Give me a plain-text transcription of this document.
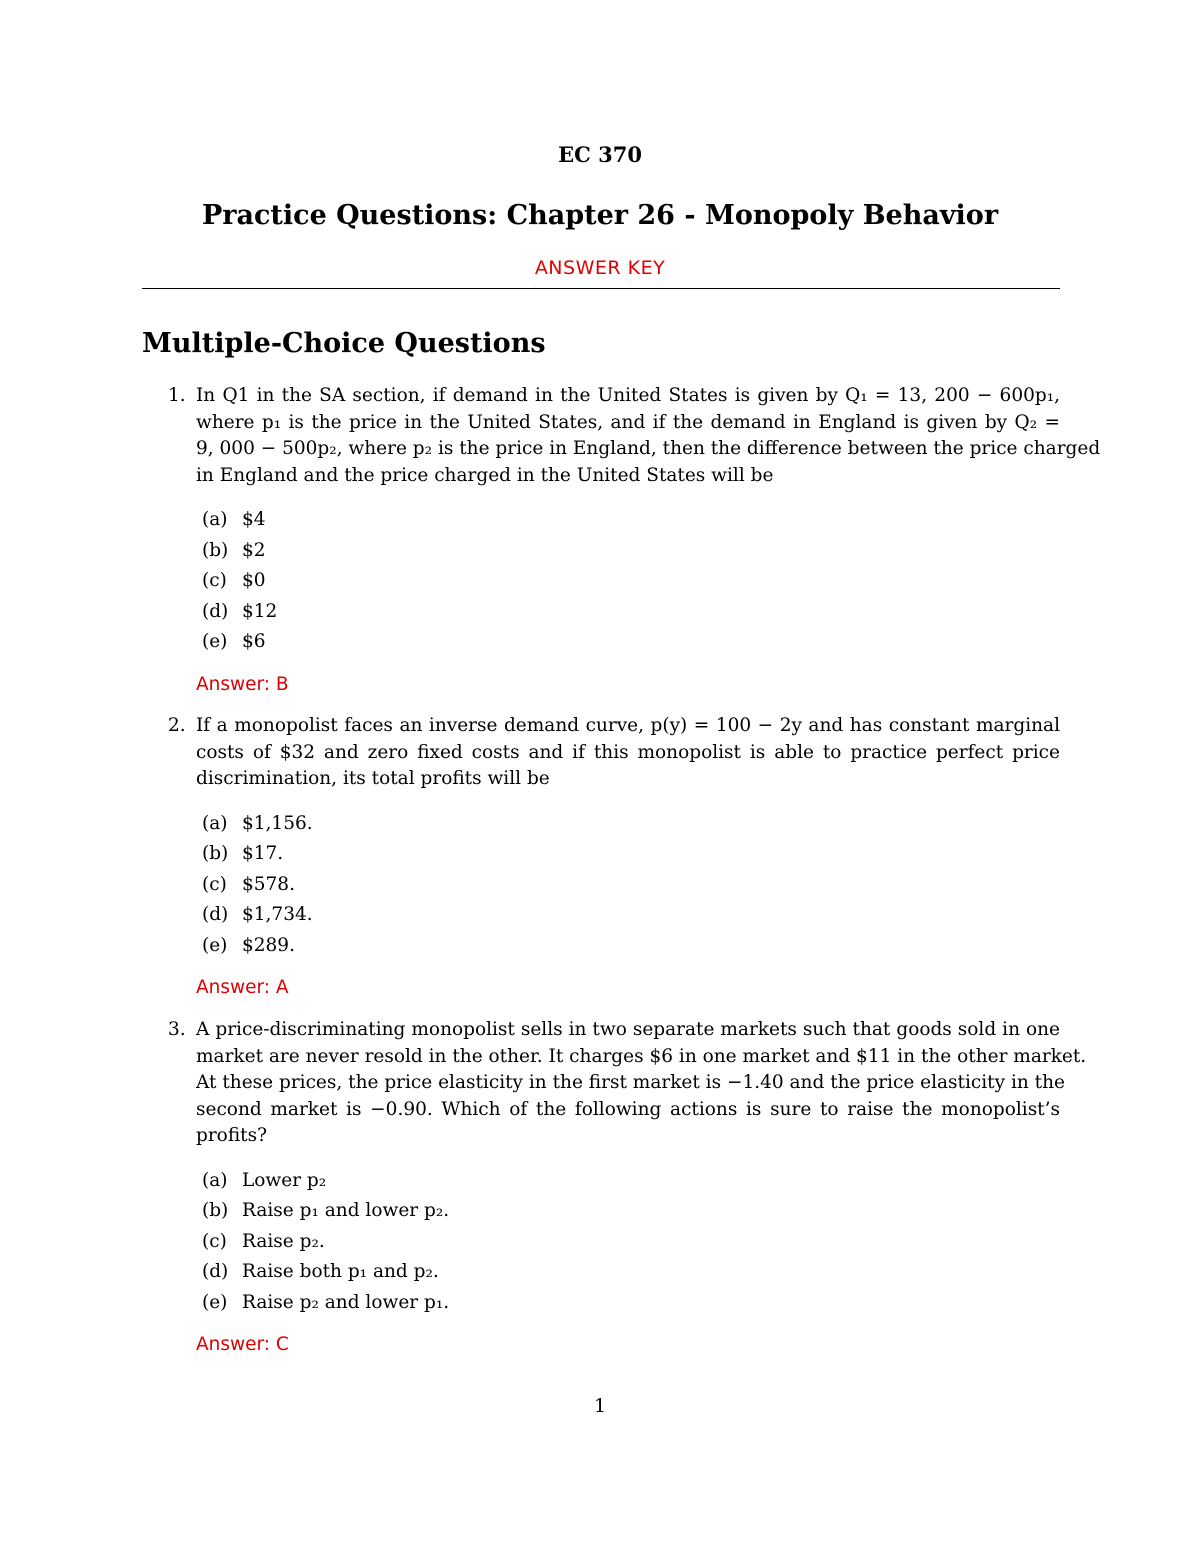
EC 370
Practice Questions: Chapter 26 - Monopoly Behavior
ANSWER KEY
Multiple-Choice Questions
1. In Q1 in the SA section, if demand in the United States is given by Q₁ = 13, 200 − 600p₁,
where p₁ is the price in the United States, and if the demand in England is given by Q₂ =
9, 000 − 500p₂, where p₂ is the price in England, then the difference between the price charged
in England and the price charged in the United States will be
(a) $4
(b) $2
(c) $0
(d) $12
(e) $6
Answer: B
2. If a monopolist faces an inverse demand curve, p(y) = 100 − 2y and has constant marginal
costs of $32 and zero fixed costs and if this monopolist is able to practice perfect price
discrimination, its total profits will be
(a) $1,156.
(b) $17.
(c) $578.
(d) $1,734.
(e) $289.
Answer: A
3. A price-discriminating monopolist sells in two separate markets such that goods sold in one
market are never resold in the other. It charges $6 in one market and $11 in the other market.
At these prices, the price elasticity in the first market is −1.40 and the price elasticity in the
second market is −0.90. Which of the following actions is sure to raise the monopolist’s
profits?
(a) Lower p₂
(b) Raise p₁ and lower p₂.
(c) Raise p₂.
(d) Raise both p₁ and p₂.
(e) Raise p₂ and lower p₁.
Answer: C
1
